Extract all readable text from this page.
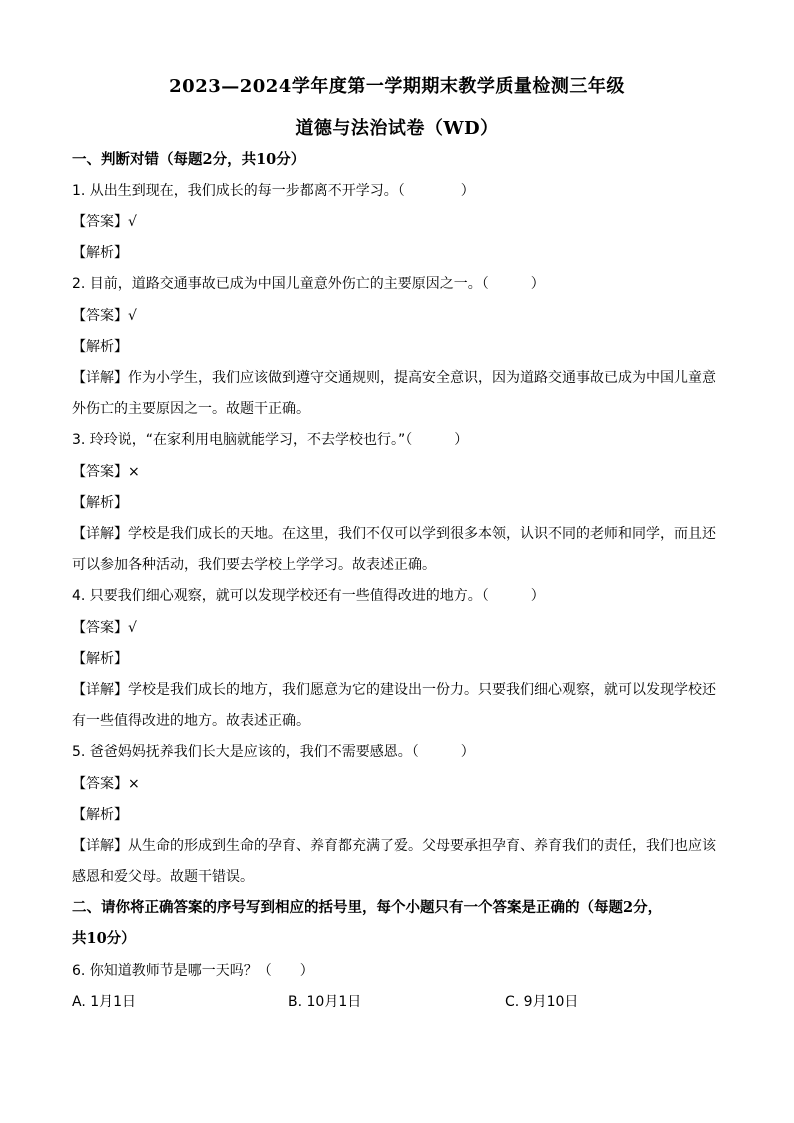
2023—2024学年度第一学期期末教学质量检测三年级
道德与法治试卷（WD）
一、判断对错（每题2分，共10分）
1. 从出生到现在，我们成长的每一步都离不开学习。（　　　　）
【答案】√
【解析】
2. 目前，道路交通事故已成为中国儿童意外伤亡的主要原因之一。（　　　）
【答案】√
【解析】
【详解】作为小学生，我们应该做到遵守交通规则，提高安全意识，因为道路交通事故已成为中国儿童意
外伤亡的主要原因之一。故题干正确。
3. 玲玲说，“在家利用电脑就能学习，不去学校也行。”（　　　）
【答案】×
【解析】
【详解】学校是我们成长的天地。在这里，我们不仅可以学到很多本领，认识不同的老师和同学，而且还
可以参加各种活动，我们要去学校上学学习。故表述正确。
4. 只要我们细心观察，就可以发现学校还有一些值得改进的地方。（　　　）
【答案】√
【解析】
【详解】学校是我们成长的地方，我们愿意为它的建设出一份力。只要我们细心观察，就可以发现学校还
有一些值得改进的地方。故表述正确。
5. 爸爸妈妈抚养我们长大是应该的，我们不需要感恩。（　　　）
【答案】×
【解析】
【详解】从生命的形成到生命的孕育、养育都充满了爱。父母要承担孕育、养育我们的责任，我们也应该
感恩和爱父母。故题干错误。
二、请你将正确答案的序号写到相应的括号里，每个小题只有一个答案是正确的（每题2分，
共10分）
6. 你知道教师节是哪一天吗？（　　）
A. 1月1日	B. 10月1日	C. 9月10日
